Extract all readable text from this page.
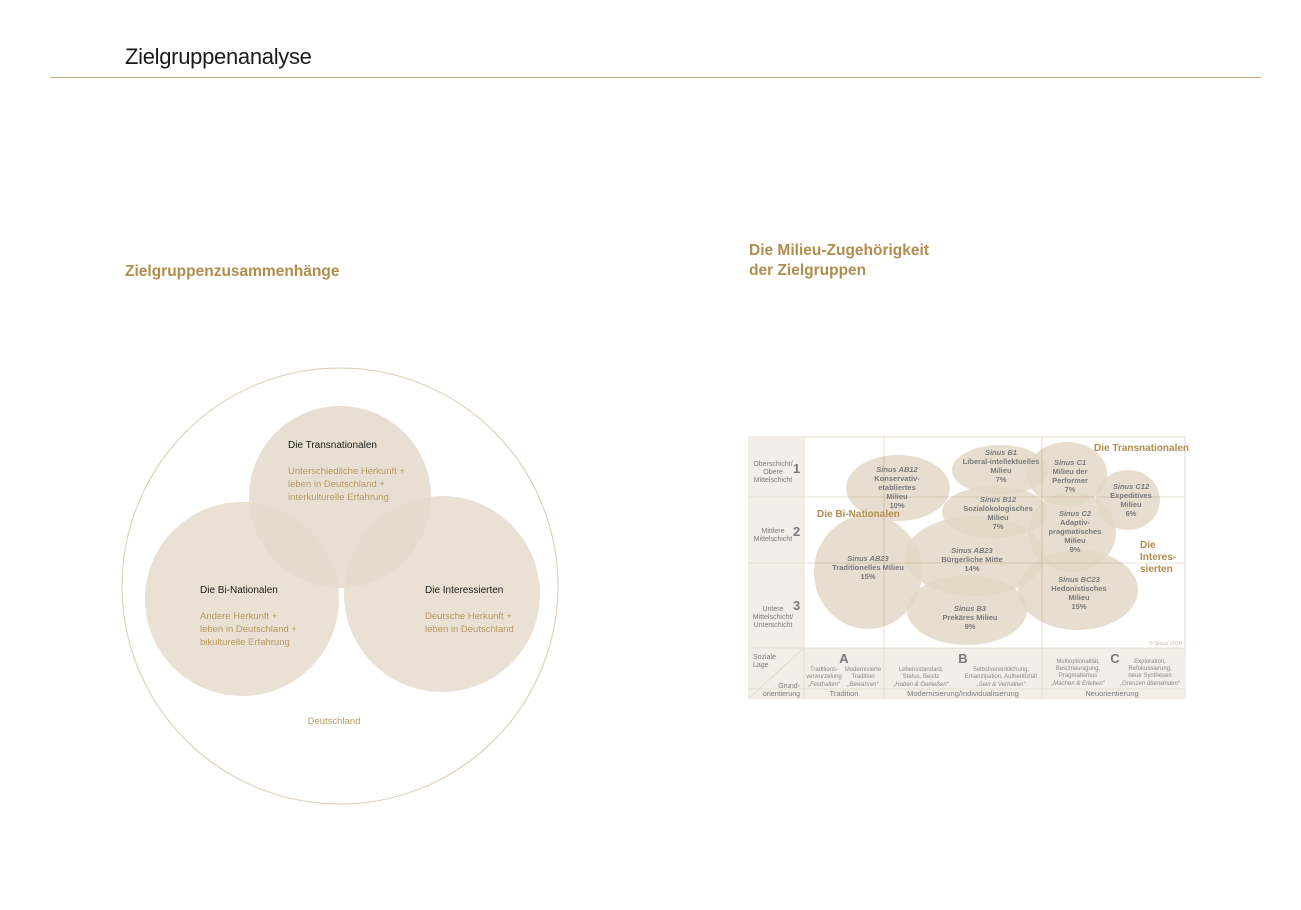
Zielgruppenanalyse
Zielgruppenzusammenhänge
Die Milieu-Zugehörigkeit
der Zielgruppen
Die Transnationalen
Unterschiedliche Herkunft +
leben in Deutschland +
interkulturelle Erfahrung
Die Bi-Nationalen
Andere Herkunft +
leben in Deutschland +
bikulturelle Erfahrung
Die Interessierten
Deutsche Herkunft +
leben in Deutschland
Deutschland
Oberschicht/
Obere
Mittelschicht
Mittlere
Mittelschicht
Untere
Mittelschicht/
Unterschicht
1
2
3
Sinus AB12
Konservativ-
etabliertes
Milieu
10%
Sinus B1
Liberal-intellektuelles
Milieu
7%
Sinus C1
Milieu der
Performer
7%	Sinus C12
Expeditives
Milieu
6%
Sinus B12
Sozialökologisches
Milieu
7%
Sinus C2
Adaptiv-
pragmatisches
Milieu
9%
Sinus AB23
Traditionelles Milieu
15%
Sinus AB23
Bürgerliche Mitte
14%
Sinus BC23
Hedonistisches
Milieu
15%
Sinus B3
Prekäres Milieu
9%
Die Transnationalen
Die Bi-Nationalen
Die
Interes-
sierten
© Sinus 2010
Soziale
Lage
Grund-
orientierung
A	B	C
Traditions-
verwurzelung
„Festhalten“
Modernisierte
Tradition
„Bewahren“
Lebensstandard,
Status, Besitz
„Haben & Genießen“
Selbstverwirklichung,
Emanzipation, Authentizität
„Sein & Verhalten“
Multioptionalität,
Beschleunigung,
Pragmatismus
„Machen & Erleben“
Exploration,
Refokussierung,
neue Synthesen
„Grenzen überwinden“
Tradition	Modernisierung/Individualisierung	Neuorientierung
